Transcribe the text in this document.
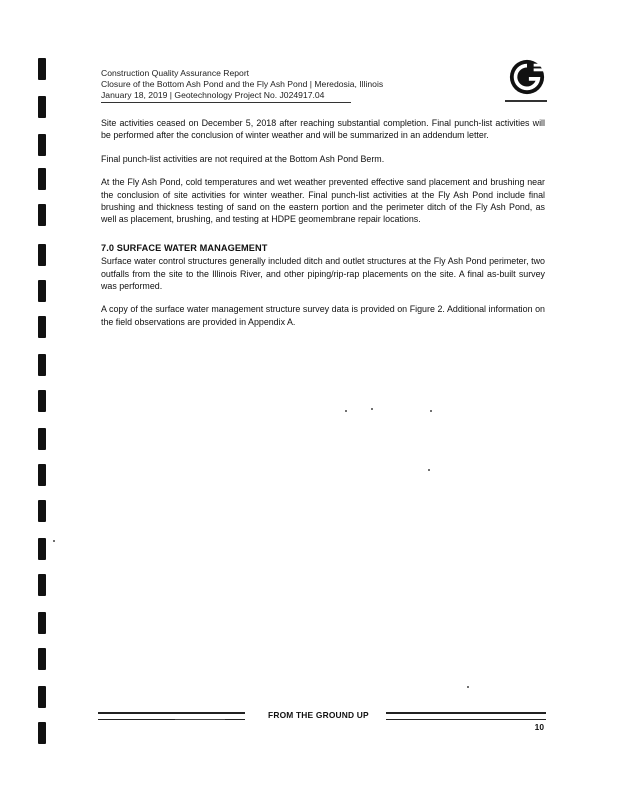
Construction Quality Assurance Report
Closure of the Bottom Ash Pond and the Fly Ash Pond | Meredosia, Illinois
January 18, 2019 | Geotechnology Project No. J024917.04

Site activities ceased on December 5, 2018 after reaching substantial completion. Final punch-list activities will be performed after the conclusion of winter weather and will be summarized in an addendum letter.

Final punch-list activities are not required at the Bottom Ash Pond Berm.

At the Fly Ash Pond, cold temperatures and wet weather prevented effective sand placement and brushing near the conclusion of site activities for winter weather. Final punch-list activities at the Fly Ash Pond include final brushing and thickness testing of sand on the eastern portion and the perimeter ditch of the Fly Ash Pond, as well as placement, brushing, and testing at HDPE geomembrane repair locations.

7.0 SURFACE WATER MANAGEMENT

Surface water control structures generally included ditch and outlet structures at the Fly Ash Pond perimeter, two outfalls from the site to the Illinois River, and other piping/rip-rap placements on the site. A final as-built survey was performed.

A copy of the surface water management structure survey data is provided on Figure 2. Additional information on the field observations are provided in Appendix A.

FROM THE GROUND UP
10
